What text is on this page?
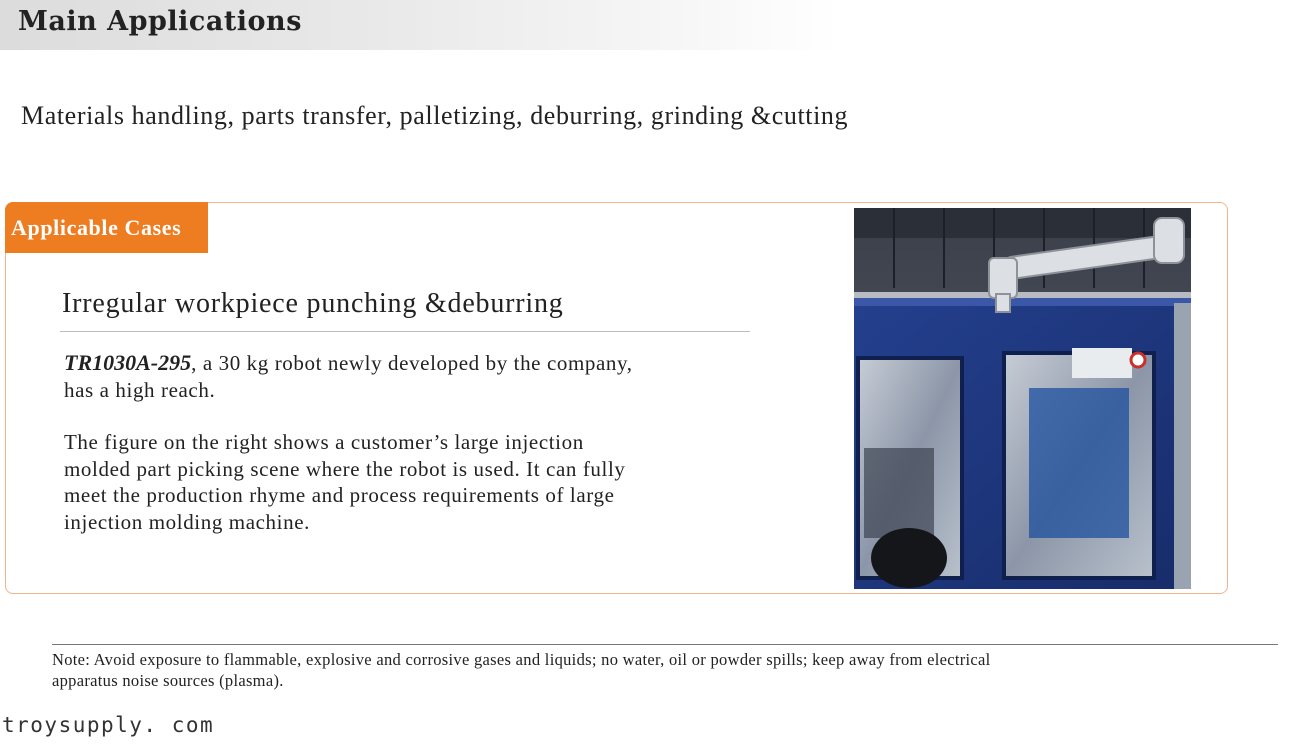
Main Applications
Materials handling, parts transfer, palletizing, deburring, grinding &cutting
Applicable Cases
Irregular workpiece punching &deburring

TR1030A-295, a 30 kg robot newly developed by the company, has a high reach.

The figure on the right shows a customer’s large injection molded part picking scene where the robot is used. It can fully meet the production rhyme and process requirements of large injection molding machine.

Note: Avoid exposure to flammable, explosive and corrosive gases and liquids; no water, oil or powder spills; keep away from electrical apparatus noise sources (plasma).

troysupply. com
